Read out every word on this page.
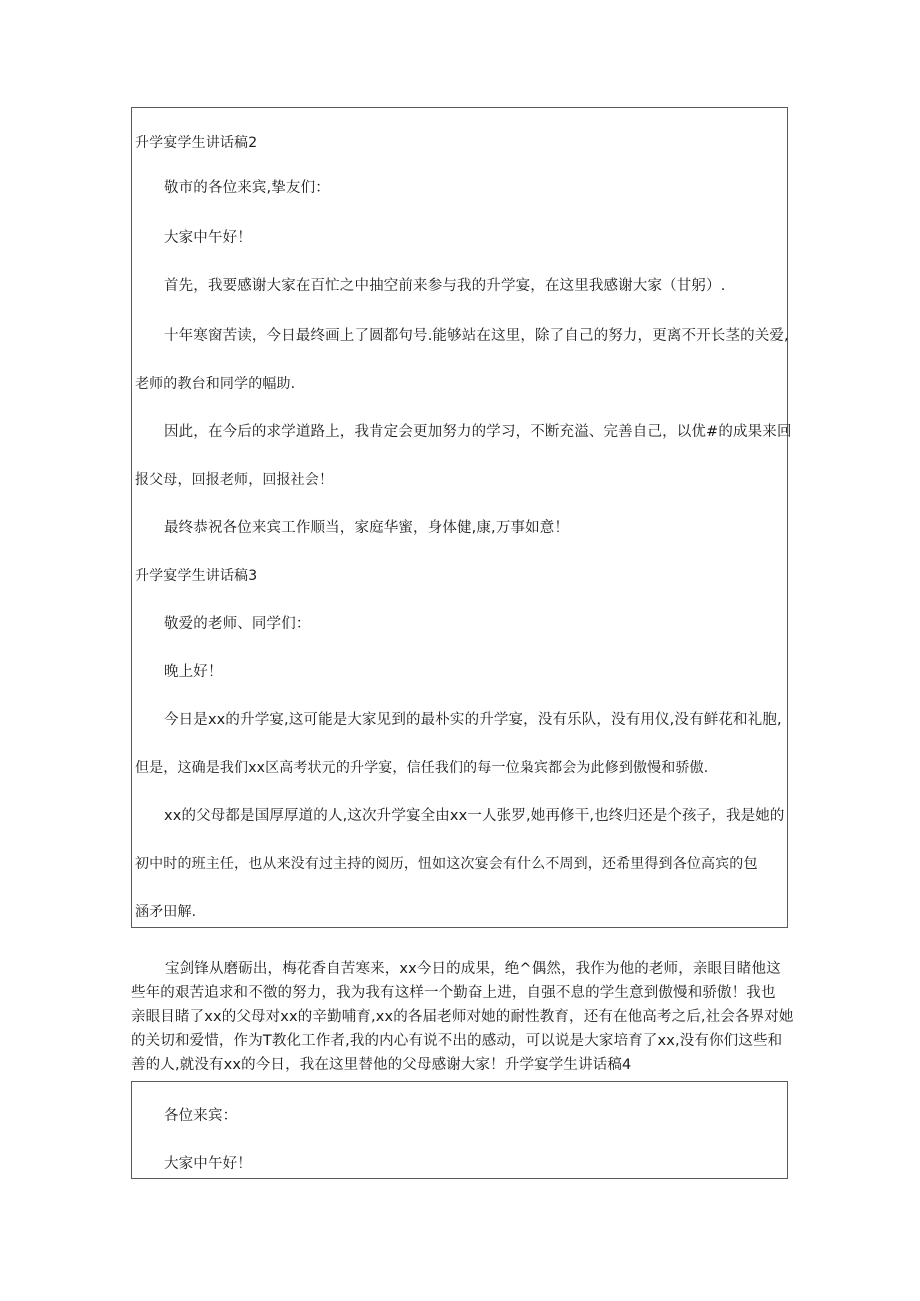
升学宴学生讲话稿2
敬市的各位来宾,挚友们：
大家中午好！
首先，我要感谢大家在百忙之中抽空前来参与我的升学宴，在这里我感谢大家（甘躬）.
十年寒窗苦读，今日最终画上了圆都句号.能够站在这里，除了自己的努力，更离不开长茎的关爱,
老师的教台和同学的幅助.
因此，在今后的求学道路上，我肯定会更加努力的学习，不断充溢、完善自己，以优#的成果来回
报父母，回报老师，回报社会！
最终恭祝各位来宾工作顺当，家庭华蜜，身体健,康,万事如意！
升学宴学生讲话稿3
敬爱的老师、同学们：
晚上好！
今日是xx的升学宴,这可能是大家见到的最朴实的升学宴，没有乐队，没有用仪,没有鲜花和礼胞,
但是，这确是我们xx区高考状元的升学宴，信任我们的每一位枭宾都会为此修到傲慢和骄傲.
xx的父母都是国厚厚道的人,这次升学宴全由xx一人张罗,她再修干,也终归还是个孩子，我是她的
初中时的班主任，也从来没有过主持的阅历，忸如这次宴会有什么不周到，还希里得到各位高宾的包
涵矛田解.
宝剑锋从磨砺出，梅花香自苦寒来，xx今日的成果，绝^偶然，我作为他的老师，亲眼目睹他这
些年的艰苦追求和不徵的努力，我为我有这样一个勤奋上进，自强不息的学生意到傲慢和骄傲！我也
亲眼目睹了xx的父母对xx的辛勤哺育,xx的各届老师对她的耐性教育，还有在他高考之后,社会各界对她
的关切和爱惜，作为T教化工作者,我的内心有说不出的感动，可以说是大家培育了xx,没有你们这些和
善的人,就没有xx的今日，我在这里替他的父母感谢大家！升学宴学生讲话稿4
各位来宾：
大家中午好！
